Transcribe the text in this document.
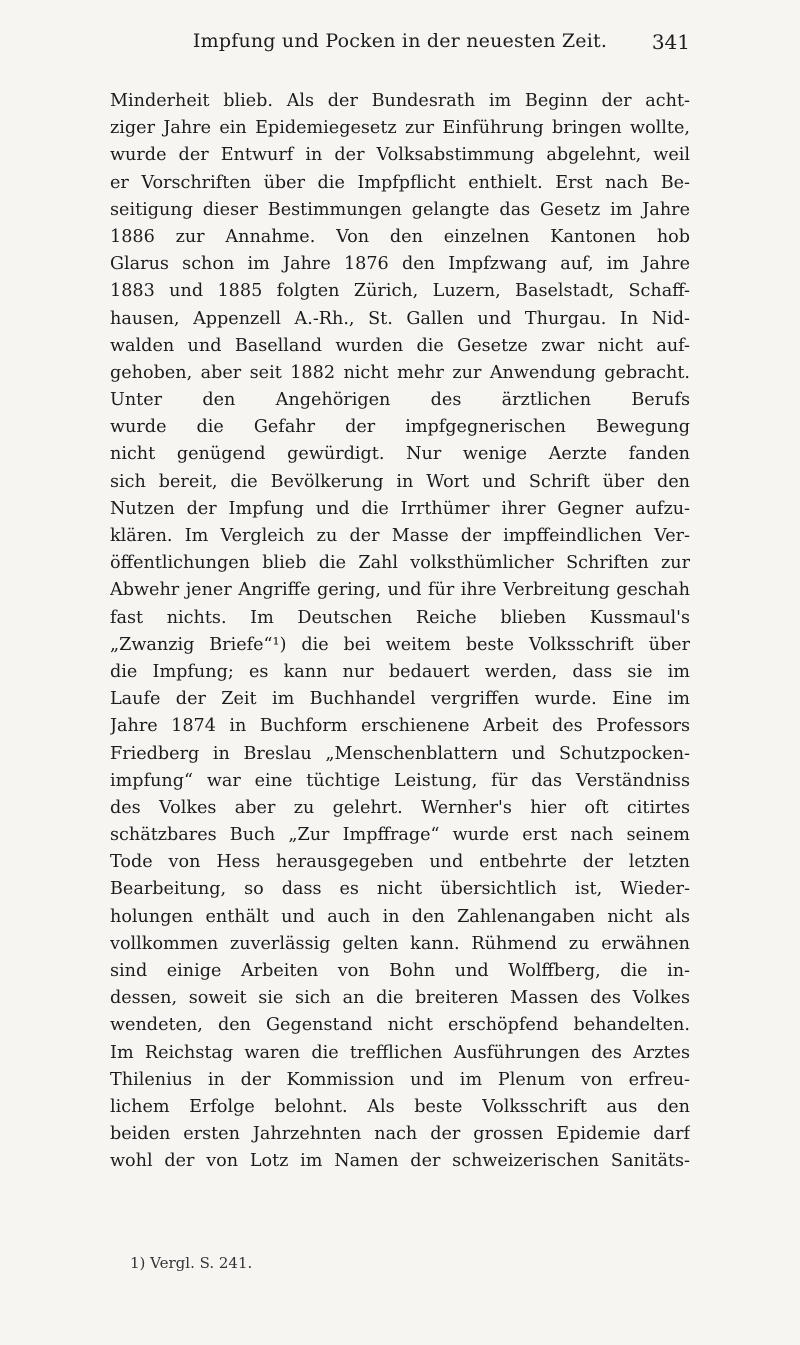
Impfung und Pocken in der neuesten Zeit.	341
Minderheit blieb. Als der Bundesrath im Beginn der acht-
ziger Jahre ein Epidemiegesetz zur Einführung bringen wollte,
wurde der Entwurf in der Volksabstimmung abgelehnt, weil
er Vorschriften über die Impfpflicht enthielt. Erst nach Be-
seitigung dieser Bestimmungen gelangte das Gesetz im Jahre
1886 zur Annahme. Von den einzelnen Kantonen hob
Glarus schon im Jahre 1876 den Impfzwang auf, im Jahre
1883 und 1885 folgten Zürich, Luzern, Baselstadt, Schaff-
hausen, Appenzell A.-Rh., St. Gallen und Thurgau. In Nid-
walden und Baselland wurden die Gesetze zwar nicht auf-
gehoben, aber seit 1882 nicht mehr zur Anwendung gebracht.
Unter den Angehörigen des ärztlichen Berufs
wurde die Gefahr der impfgegnerischen Bewegung
nicht genügend gewürdigt. Nur wenige Aerzte fanden
sich bereit, die Bevölkerung in Wort und Schrift über den
Nutzen der Impfung und die Irrthümer ihrer Gegner aufzu-
klären. Im Vergleich zu der Masse der impffeindlichen Ver-
öffentlichungen blieb die Zahl volksthümlicher Schriften zur
Abwehr jener Angriffe gering, und für ihre Verbreitung geschah
fast nichts. Im Deutschen Reiche blieben Kussmaul's
„Zwanzig Briefe“¹) die bei weitem beste Volksschrift über
die Impfung; es kann nur bedauert werden, dass sie im
Laufe der Zeit im Buchhandel vergriffen wurde. Eine im
Jahre 1874 in Buchform erschienene Arbeit des Professors
Friedberg in Breslau „Menschenblattern und Schutzpocken-
impfung“ war eine tüchtige Leistung, für das Verständniss
des Volkes aber zu gelehrt. Wernher's hier oft citirtes
schätzbares Buch „Zur Impffrage“ wurde erst nach seinem
Tode von Hess herausgegeben und entbehrte der letzten
Bearbeitung, so dass es nicht übersichtlich ist, Wieder-
holungen enthält und auch in den Zahlenangaben nicht als
vollkommen zuverlässig gelten kann. Rühmend zu erwähnen
sind einige Arbeiten von Bohn und Wolffberg, die in-
dessen, soweit sie sich an die breiteren Massen des Volkes
wendeten, den Gegenstand nicht erschöpfend behandelten.
Im Reichstag waren die trefflichen Ausführungen des Arztes
Thilenius in der Kommission und im Plenum von erfreu-
lichem Erfolge belohnt. Als beste Volksschrift aus den
beiden ersten Jahrzehnten nach der grossen Epidemie darf
wohl der von Lotz im Namen der schweizerischen Sanitäts-
1) Vergl. S. 241.
